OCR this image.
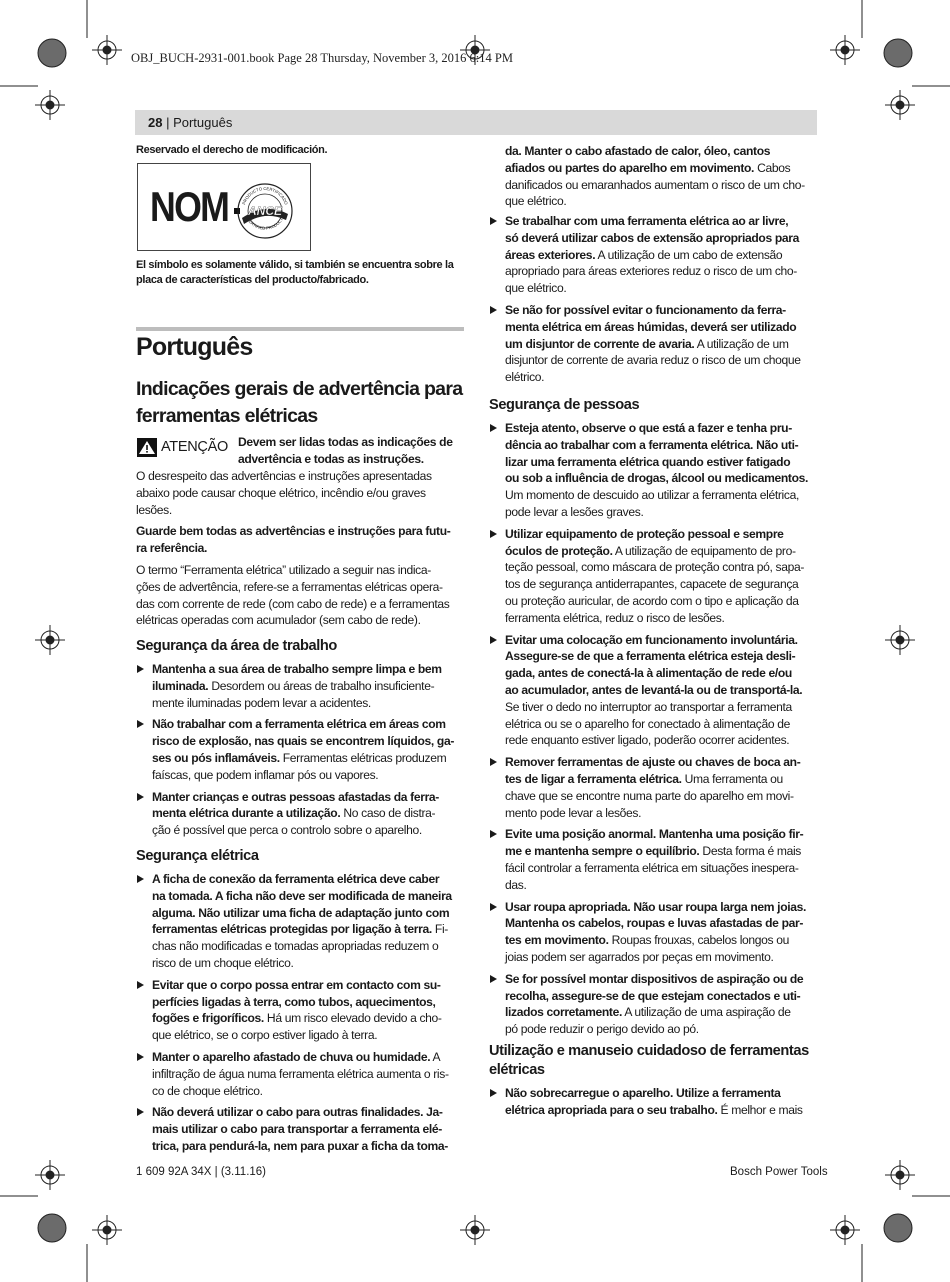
OBJ_BUCH-2931-001.book Page 28 Thursday, November 3, 2016 6:14 PM
28 | Português

Reservado el derecho de modificación.

NOM ANCE
PRODUCTO CERTIFICADO
CERTIFIED PRODUCT

El símbolo es solamente válido, si también se encuentra sobre la

placa de características del producto/fabricado.

Português

Indicações gerais de advertência para

ferramentas elétricas

ATENÇÃO Devem ser lidas todas as indicações de

advertência e todas as instruções.

O desrespeito das advertências e instruções apresentadas

abaixo pode causar choque elétrico, incêndio e/ou graves

lesões.

Guarde bem todas as advertências e instruções para futu-

ra referência.

O termo “Ferramenta elétrica” utilizado a seguir nas indica-

ções de advertência, refere-se a ferramentas elétricas opera-

das com corrente de rede (com cabo de rede) e a ferramentas

elétricas operadas com acumulador (sem cabo de rede).

Segurança da área de trabalho

Mantenha a sua área de trabalho sempre limpa e bem

iluminada. Desordem ou áreas de trabalho insuficiente-

mente iluminadas podem levar a acidentes.

Não trabalhar com a ferramenta elétrica em áreas com

risco de explosão, nas quais se encontrem líquidos, ga-

ses ou pós inflamáveis. Ferramentas elétricas produzem

faíscas, que podem inflamar pós ou vapores.

Manter crianças e outras pessoas afastadas da ferra-

menta elétrica durante a utilização. No caso de distra-

ção é possível que perca o controlo sobre o aparelho.

Segurança elétrica

A ficha de conexão da ferramenta elétrica deve caber

na tomada. A ficha não deve ser modificada de maneira

alguma. Não utilizar uma ficha de adaptação junto com

ferramentas elétricas protegidas por ligação à terra. Fi-

chas não modificadas e tomadas apropriadas reduzem o

risco de um choque elétrico.

Evitar que o corpo possa entrar em contacto com su-

perfícies ligadas à terra, como tubos, aquecimentos,

fogões e frigoríficos. Há um risco elevado devido a cho-

que elétrico, se o corpo estiver ligado à terra.

Manter o aparelho afastado de chuva ou humidade. A

infiltração de água numa ferramenta elétrica aumenta o ris-

co de choque elétrico.

Não deverá utilizar o cabo para outras finalidades. Ja-

mais utilizar o cabo para transportar a ferramenta elé-

trica, para pendurá-la, nem para puxar a ficha da toma-

da. Manter o cabo afastado de calor, óleo, cantos

afiados ou partes do aparelho em movimento. Cabos

danificados ou emaranhados aumentam o risco de um cho-

que elétrico.

Se trabalhar com uma ferramenta elétrica ao ar livre,

só deverá utilizar cabos de extensão apropriados para

áreas exteriores. A utilização de um cabo de extensão

apropriado para áreas exteriores reduz o risco de um cho-

que elétrico.

Se não for possível evitar o funcionamento da ferra-

menta elétrica em áreas húmidas, deverá ser utilizado

um disjuntor de corrente de avaria. A utilização de um

disjuntor de corrente de avaria reduz o risco de um choque

elétrico.

Segurança de pessoas

Esteja atento, observe o que está a fazer e tenha pru-

dência ao trabalhar com a ferramenta elétrica. Não uti-

lizar uma ferramenta elétrica quando estiver fatigado

ou sob a influência de drogas, álcool ou medicamentos.

Um momento de descuido ao utilizar a ferramenta elétrica,

pode levar a lesões graves.

Utilizar equipamento de proteção pessoal e sempre

óculos de proteção. A utilização de equipamento de pro-

teção pessoal, como máscara de proteção contra pó, sapa-

tos de segurança antiderrapantes, capacete de segurança

ou proteção auricular, de acordo com o tipo e aplicação da

ferramenta elétrica, reduz o risco de lesões.

Evitar uma colocação em funcionamento involuntária.

Assegure-se de que a ferramenta elétrica esteja desli-

gada, antes de conectá-la à alimentação de rede e/ou

ao acumulador, antes de levantá-la ou de transportá-la.

Se tiver o dedo no interruptor ao transportar a ferramenta

elétrica ou se o aparelho for conectado à alimentação de

rede enquanto estiver ligado, poderão ocorrer acidentes.

Remover ferramentas de ajuste ou chaves de boca an-

tes de ligar a ferramenta elétrica. Uma ferramenta ou

chave que se encontre numa parte do aparelho em movi-

mento pode levar a lesões.

Evite uma posição anormal. Mantenha uma posição fir-

me e mantenha sempre o equilíbrio. Desta forma é mais

fácil controlar a ferramenta elétrica em situações inespera-

das.

Usar roupa apropriada. Não usar roupa larga nem joias.

Mantenha os cabelos, roupas e luvas afastadas de par-

tes em movimento. Roupas frouxas, cabelos longos ou

joias podem ser agarrados por peças em movimento.

Se for possível montar dispositivos de aspiração ou de

recolha, assegure-se de que estejam conectados e uti-

lizados corretamente. A utilização de uma aspiração de

pó pode reduzir o perigo devido ao pó.

Utilização e manuseio cuidadoso de ferramentas

elétricas

Não sobrecarregue o aparelho. Utilize a ferramenta

elétrica apropriada para o seu trabalho. É melhor e mais

1 609 92A 34X | (3.11.16)	Bosch Power Tools
